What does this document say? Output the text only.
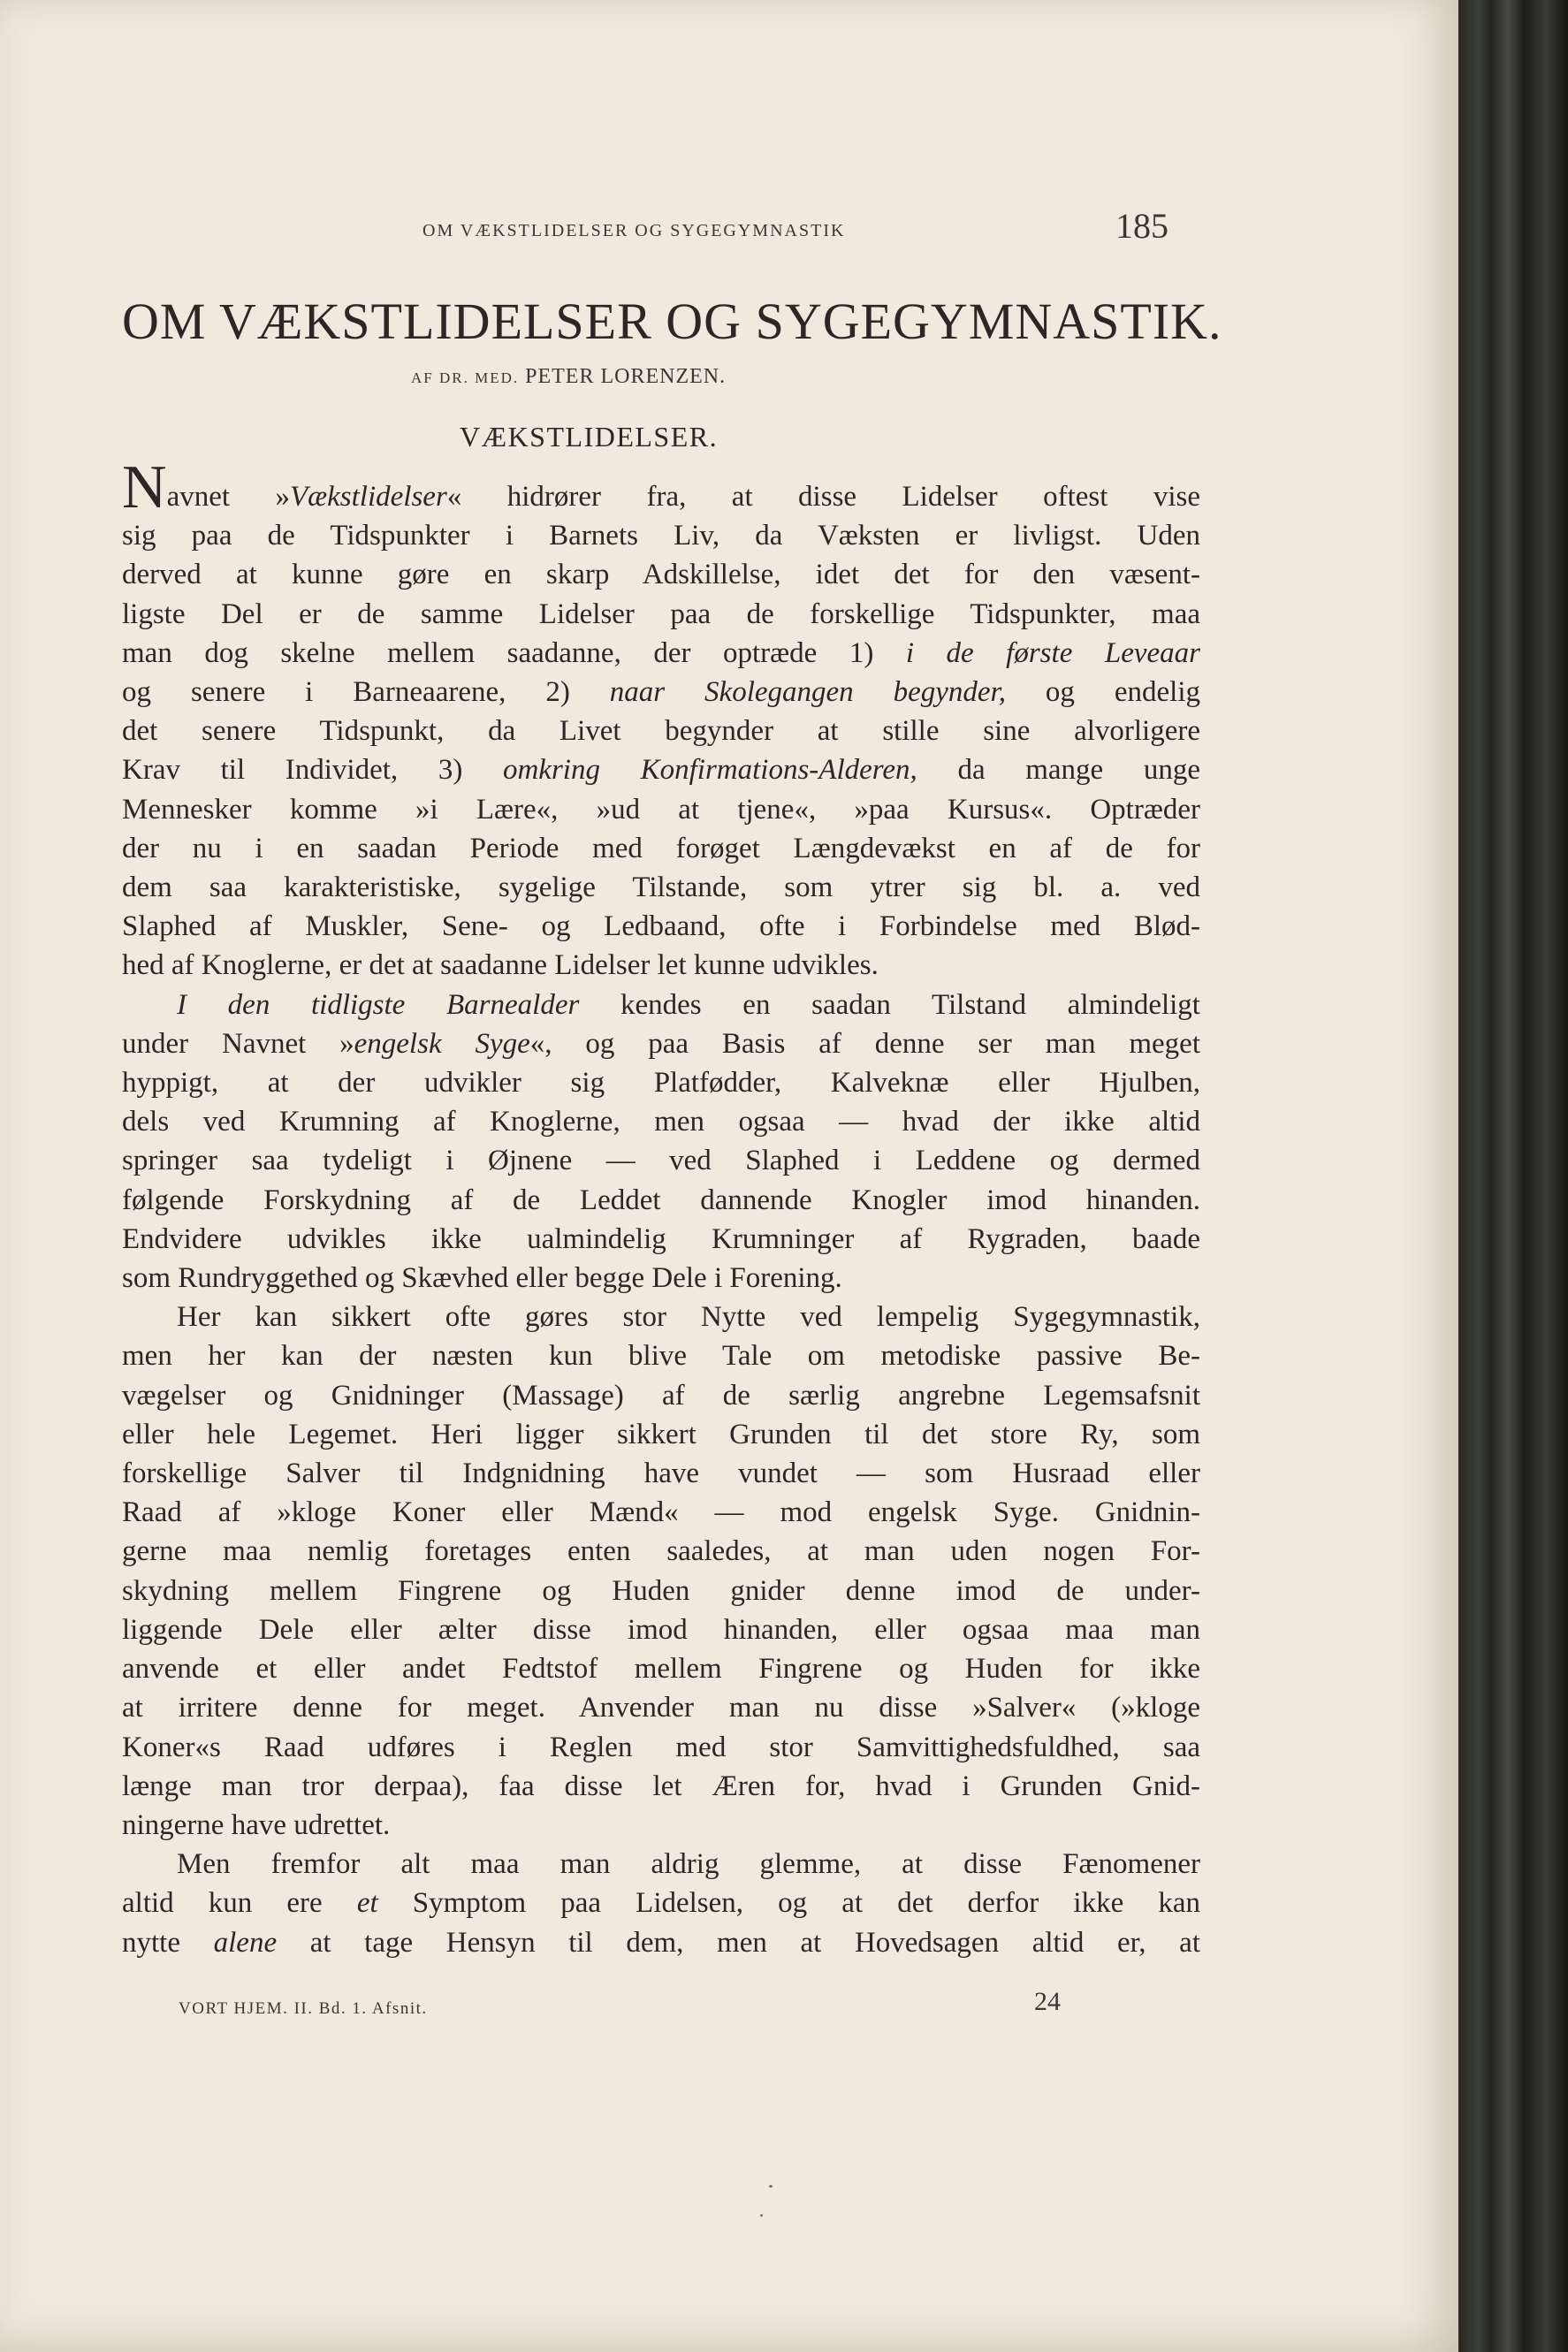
OM VÆKSTLIDELSER OG SYGEGYMNASTIK	185
OM VÆKSTLIDELSER OG SYGEGYMNASTIK.
AF DR. MED. PETER LORENZEN.
VÆKSTLIDELSER.
Navnet »Vækstlidelser« hidrører fra, at disse Lidelser oftest vise
sig paa de Tidspunkter i Barnets Liv, da Væksten er livligst. Uden
derved at kunne gøre en skarp Adskillelse, idet det for den væsent-
ligste Del er de samme Lidelser paa de forskellige Tidspunkter, maa
man dog skelne mellem saadanne, der optræde 1) i de første Leveaar
og senere i Barneaarene, 2) naar Skolegangen begynder, og endelig
det senere Tidspunkt, da Livet begynder at stille sine alvorligere
Krav til Individet, 3) omkring Konfirmations-Alderen, da mange unge
Mennesker komme »i Lære«, »ud at tjene«, »paa Kursus«. Optræder
der nu i en saadan Periode med forøget Længdevækst en af de for
dem saa karakteristiske, sygelige Tilstande, som ytrer sig bl. a. ved
Slaphed af Muskler, Sene- og Ledbaand, ofte i Forbindelse med Blød-
hed af Knoglerne, er det at saadanne Lidelser let kunne udvikles.
I den tidligste Barnealder kendes en saadan Tilstand almindeligt
under Navnet »engelsk Syge«, og paa Basis af denne ser man meget
hyppigt, at der udvikler sig Platfødder, Kalveknæ eller Hjulben,
dels ved Krumning af Knoglerne, men ogsaa — hvad der ikke altid
springer saa tydeligt i Øjnene — ved Slaphed i Leddene og dermed
følgende Forskydning af de Leddet dannende Knogler imod hinanden.
Endvidere udvikles ikke ualmindelig Krumninger af Rygraden, baade
som Rundryggethed og Skævhed eller begge Dele i Forening.
Her kan sikkert ofte gøres stor Nytte ved lempelig Sygegymnastik,
men her kan der næsten kun blive Tale om metodiske passive Be-
vægelser og Gnidninger (Massage) af de særlig angrebne Legemsafsnit
eller hele Legemet. Heri ligger sikkert Grunden til det store Ry, som
forskellige Salver til Indgnidning have vundet — som Husraad eller
Raad af »kloge Koner eller Mænd« — mod engelsk Syge. Gnidnin-
gerne maa nemlig foretages enten saaledes, at man uden nogen For-
skydning mellem Fingrene og Huden gnider denne imod de under-
liggende Dele eller ælter disse imod hinanden, eller ogsaa maa man
anvende et eller andet Fedtstof mellem Fingrene og Huden for ikke
at irritere denne for meget. Anvender man nu disse »Salver« (»kloge
Koner«s Raad udføres i Reglen med stor Samvittighedsfuldhed, saa
længe man tror derpaa), faa disse let Æren for, hvad i Grunden Gnid-
ningerne have udrettet.
Men fremfor alt maa man aldrig glemme, at disse Fænomener
altid kun ere et Symptom paa Lidelsen, og at det derfor ikke kan
nytte alene at tage Hensyn til dem, men at Hovedsagen altid er, at
VORT HJEM. II. Bd. 1. Afsnit.	24
